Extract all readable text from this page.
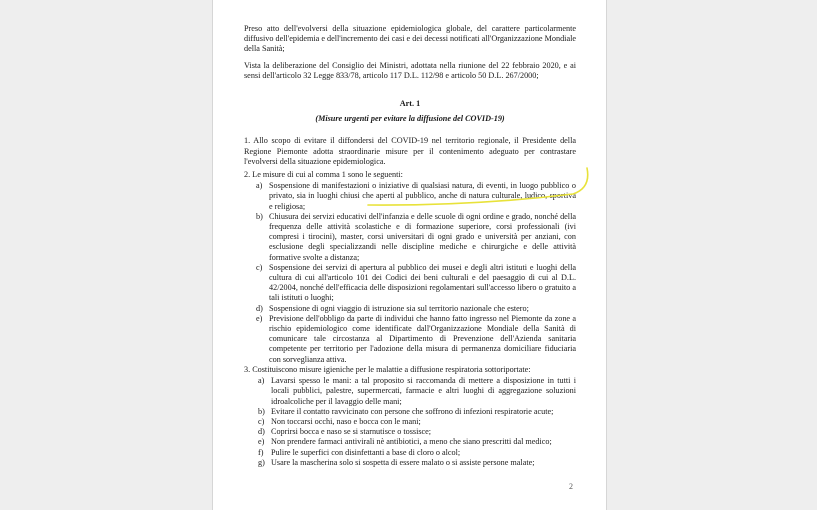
Preso atto dell'evolversi della situazione epidemiologica globale, del carattere particolarmente diffusivo dell'epidemia e dell'incremento dei casi e dei decessi notificati all'Organizzazione Mondiale della Sanità;

Vista la deliberazione del Consiglio dei Ministri, adottata nella riunione del 22 febbraio 2020, e ai sensi dell'articolo 32 Legge 833/78, articolo 117 D.L. 112/98 e articolo 50 D.L. 267/2000;

Art. 1

(Misure urgenti per evitare la diffusione del COVID-19)

1. Allo scopo di evitare il diffondersi del COVID-19 nel territorio regionale, il Presidente della Regione Piemonte adotta straordinarie misure per il contenimento adeguato per contrastare l'evolversi della situazione epidemiologica.

2. Le misure di cui al comma 1 sono le seguenti:

a) Sospensione di manifestazioni o iniziative di qualsiasi natura, di eventi, in luogo pubblico o privato, sia in luoghi chiusi che aperti al pubblico, anche di natura culturale, ludico, sportiva e religiosa;
b) Chiusura dei servizi educativi dell'infanzia e delle scuole di ogni ordine e grado, nonché della frequenza delle attività scolastiche e di formazione superiore, corsi professionali (ivi compresi i tirocini), master, corsi universitari di ogni grado e università per anziani, con esclusione degli specializzandi nelle discipline mediche e chirurgiche e delle attività formative svolte a distanza;
c) Sospensione dei servizi di apertura al pubblico dei musei e degli altri istituti e luoghi della cultura di cui all'articolo 101 dei Codici dei beni culturali e del paesaggio di cui al D.L. 42/2004, nonché dell'efficacia delle disposizioni regolamentari sull'accesso libero o gratuito a tali istituti o luoghi;
d) Sospensione di ogni viaggio di istruzione sia sul territorio nazionale che estero;
e) Previsione dell'obbligo da parte di individui che hanno fatto ingresso nel Piemonte da zone a rischio epidemiologico come identificate dall'Organizzazione Mondiale della Sanità di comunicare tale circostanza al Dipartimento di Prevenzione dell'Azienda sanitaria competente per territorio per l'adozione della misura di permanenza domiciliare fiduciaria con sorveglianza attiva.

3. Costituiscono misure igieniche per le malattie a diffusione respiratoria sottoriportate:

a) Lavarsi spesso le mani: a tal proposito si raccomanda di mettere a disposizione in tutti i locali pubblici, palestre, supermercati, farmacie e altri luoghi di aggregazione soluzioni idroalcoliche per il lavaggio delle mani;
b) Evitare il contatto ravvicinato con persone che soffrono di infezioni respiratorie acute;
c) Non toccarsi occhi, naso e bocca con le mani;
d) Coprirsi bocca e naso se si starnutisce o tossisce;
e) Non prendere farmaci antivirali nè antibiotici, a meno che siano prescritti dal medico;
f) Pulire le superfici con disinfettanti a base di cloro o alcol;
g) Usare la mascherina solo si sospetta di essere malato o si assiste persone malate;
2
